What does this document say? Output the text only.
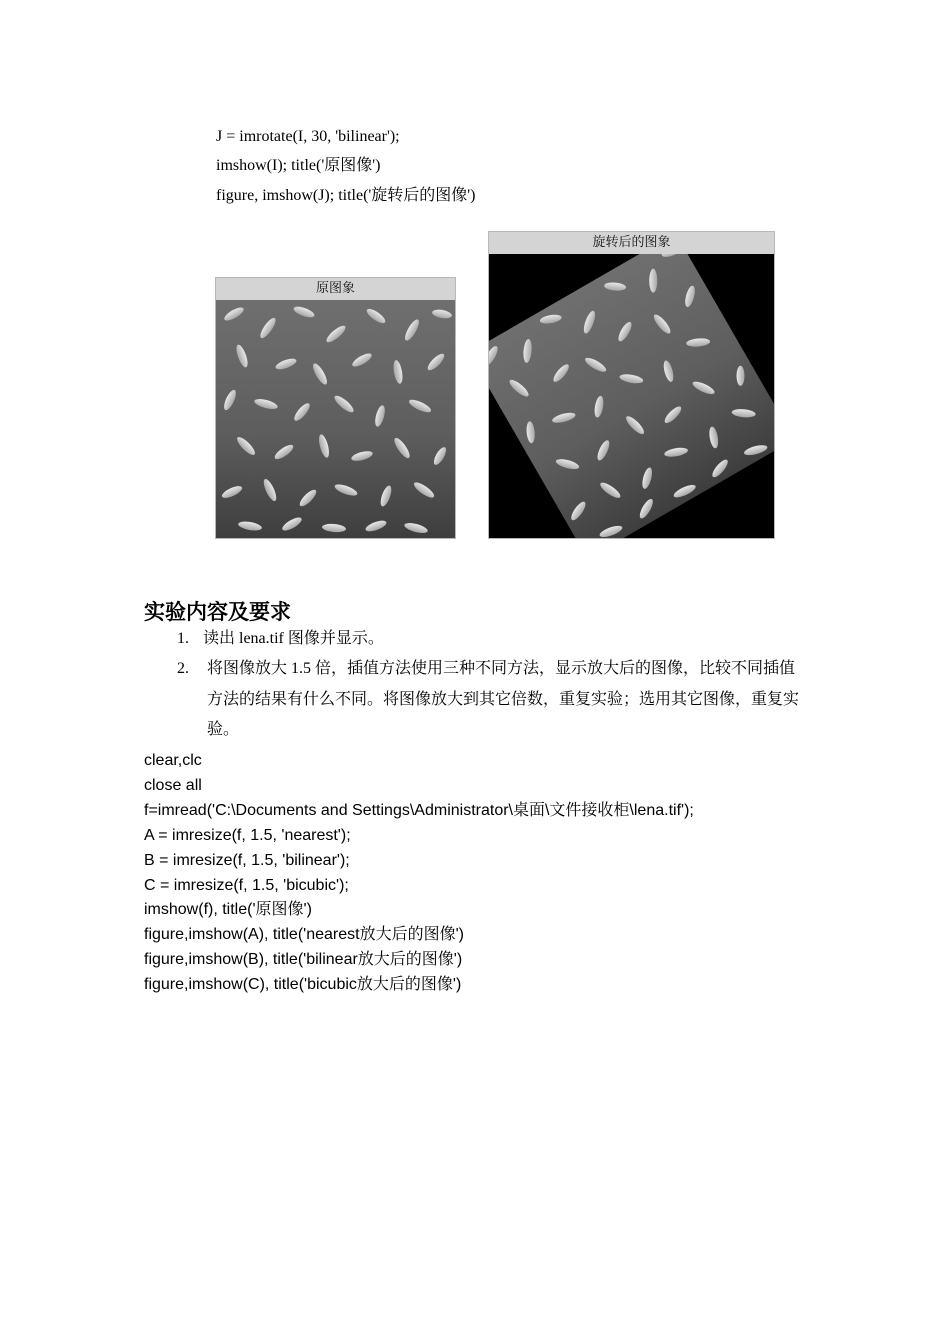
J = imrotate(I, 30, 'bilinear');
imshow(I); title('原图像')
figure, imshow(J); title('旋转后的图像')
原图象
旋转后的图象
实验内容及要求
1. 读出 lena.tif 图像并显示。
2. 将图像放大 1.5 倍，插值方法使用三种不同方法，显示放大后的图像，比较不同插值
方法的结果有什么不同。将图像放大到其它倍数，重复实验；选用其它图像，重复实
验。
clear,clc
close all
f=imread('C:\Documents and Settings\Administrator\桌面\文件接收柜\lena.tif');
A = imresize(f, 1.5, 'nearest');
B = imresize(f, 1.5, 'bilinear');
C = imresize(f, 1.5, 'bicubic');
imshow(f), title('原图像')
figure,imshow(A), title('nearest放大后的图像')
figure,imshow(B), title('bilinear放大后的图像')
figure,imshow(C), title('bicubic放大后的图像')
